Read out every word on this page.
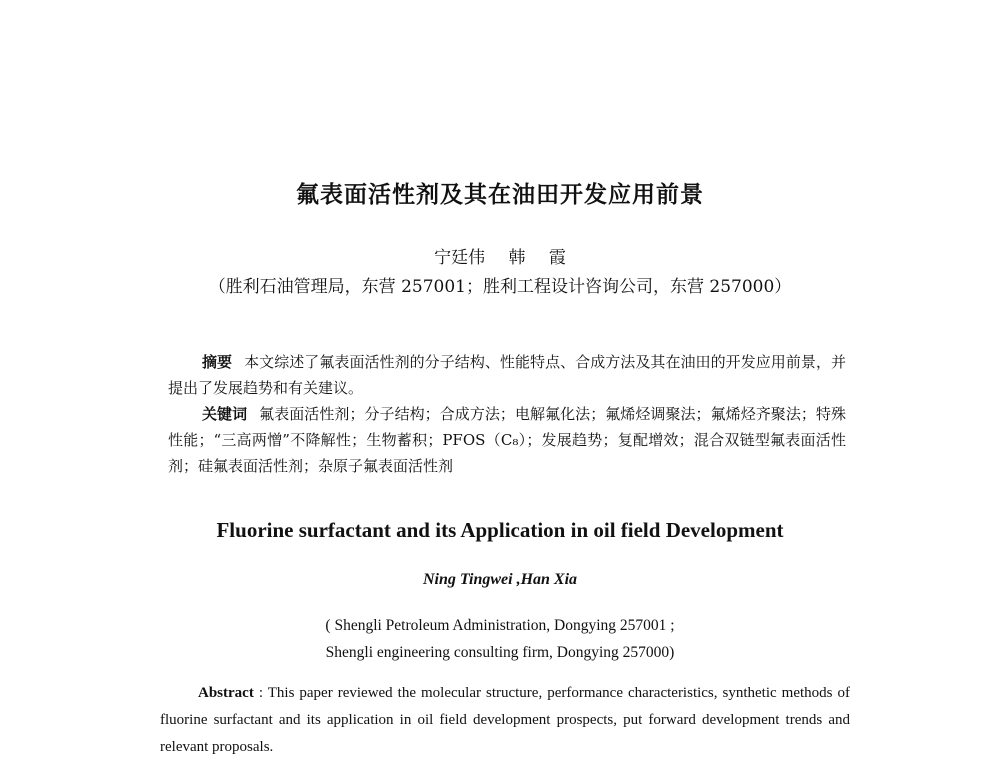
氟表面活性剂及其在油田开发应用前景
宁廷伟 韩 霞
（胜利石油管理局，东营 257001；胜利工程设计咨询公司，东营 257000）

摘要 本文综述了氟表面活性剂的分子结构、性能特点、合成方法及其在油田的开发应用前景，并提出了发展趋势和有关建议。

关键词 氟表面活性剂；分子结构；合成方法；电解氟化法；氟烯烃调聚法；氟烯烃齐聚法；特殊性能；“三高两憎”不降解性；生物蓄积；PFOS（C₈）；发展趋势；复配增效；混合双链型氟表面活性剂；硅氟表面活性剂；杂原子氟表面活性剂

Fluorine surfactant and its Application in oil field Development
Ning Tingwei ,Han Xia
( Shengli Petroleum Administration, Dongying 257001 ;
Shengli engineering consulting firm, Dongying 257000)

Abstract : This paper reviewed the molecular structure, performance characteristics, synthetic methods of fluorine surfactant and its application in oil field development prospects, put forward development trends and relevant proposals.
